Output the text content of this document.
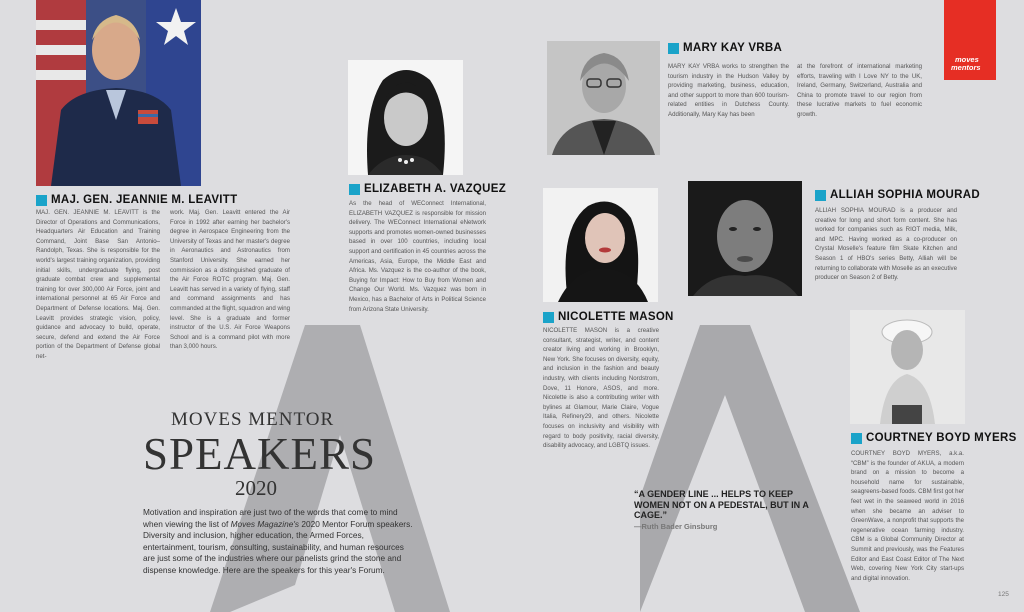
MAJ. GEN. JEANNIE M. LEAVITT
MAJ. GEN. JEANNIE M. LEAVITT is the Director of Operations and Communications, Headquarters Air Education and Training Command, Joint Base San Antonio–Randolph, Texas. She is responsible for the world's largest training organization, providing initial skills, undergraduate flying, post graduate combat crew and supplemental training for over 300,000 Air Force, joint and international personnel at 65 Air Force and Department of Defense locations. Maj. Gen. Leavitt provides strategic vision, policy, guidance and advocacy to build, operate, secure, defend and extend the Air Force portion of the Department of Defense global net-
work. Maj. Gen. Leavitt entered the Air Force in 1992 after earning her bachelor's degree in Aerospace Engineering from the University of Texas and her master's degree in Aeronautics and Astronautics from Stanford University. She earned her commission as a distinguished graduate of the Air Force ROTC program. Maj. Gen. Leavitt has served in a variety of flying, staff and command assignments and has commanded at the flight, squadron and wing level. She is a graduate and former instructor of the U.S. Air Force Weapons School and is a command pilot with more than 3,000 hours.
ELIZABETH A. VAZQUEZ
As the head of WEConnect International, ELIZABETH VAZQUEZ is responsible for mission delivery. The WEConnect International eNetwork supports and promotes women-owned businesses based in over 100 countries, including local support and certification in 45 countries across the Americas, Asia, Europe, the Middle East and Africa. Ms. Vazquez is the co-author of the book, Buying for Impact: How to Buy from Women and Change Our World. Ms. Vazquez was born in Mexico, has a Bachelor of Arts in Political Science from Arizona State University.
MOVES MENTOR
SPEAKERS
2020
Motivation and inspiration are just two of the words that come to mind when viewing the list of Moves Magazine's 2020 Mentor Forum speakers. Diversity and inclusion, higher education, the Armed Forces, entertainment, tourism, consulting, sustainability, and human resources are just some of the industries where our panelists grind the stone and dispense knowledge. Here are the speakers for this year's Forum.
MARY KAY VRBA
MARY KAY VRBA works to strengthen the tourism industry in the Hudson Valley by providing marketing, business, education, and other support to more than 600 tourism-related entities in Dutchess County. Additionally, Mary Kay has been
at the forefront of international marketing efforts, traveling with I Love NY to the UK, Ireland, Germany, Switzerland, Australia and China to promote travel to our region from these lucrative markets to fuel economic growth.
NICOLETTE MASON
NICOLETTE MASON is a creative consultant, strategist, writer, and content creator living and working in Brooklyn, New York. She focuses on diversity, equity, and inclusion in the fashion and beauty industry, with clients including Nordstrom, Dove, 11 Honore, ASOS, and more. Nicolette is also a contributing writer with bylines at Glamour, Marie Claire, Vogue Italia, Refinery29, and others. Nicolette focuses on inclusivity and visibility with regard to body positivity, racial diversity, disability advocacy, and LGBTQ issues.
ALLIAH SOPHIA MOURAD
ALLIAH SOPHIA MOURAD is a producer and creative for long and short form content. She has worked for companies such as RIOT media, Milk, and MPC. Having worked as a co-producer on Crystal Moselle's feature film Skate Kitchen and Season 1 of HBO's series Betty, Alliah will be returning to collaborate with Moselle as an executive producer on Season 2 of Betty.
COURTNEY BOYD MYERS
COURTNEY BOYD MYERS, a.k.a. “CBM” is the founder of AKUA, a modern brand on a mission to become a household name for sustainable, seagreens-based foods. CBM first got her feet wet in the seaweed world in 2016 when she became an adviser to GreenWave, a nonprofit that supports the regenerative ocean farming industry. CBM is a Global Community Director at Summit and previously, was the Features Editor and East Coast Editor of The Next Web, covering New York City start-ups and digital innovation.
“A GENDER LINE ... HELPS TO KEEP WOMEN NOT ON A PEDESTAL, BUT IN A CAGE.”
—Ruth Bader Ginsburg
moves
mentors
125
